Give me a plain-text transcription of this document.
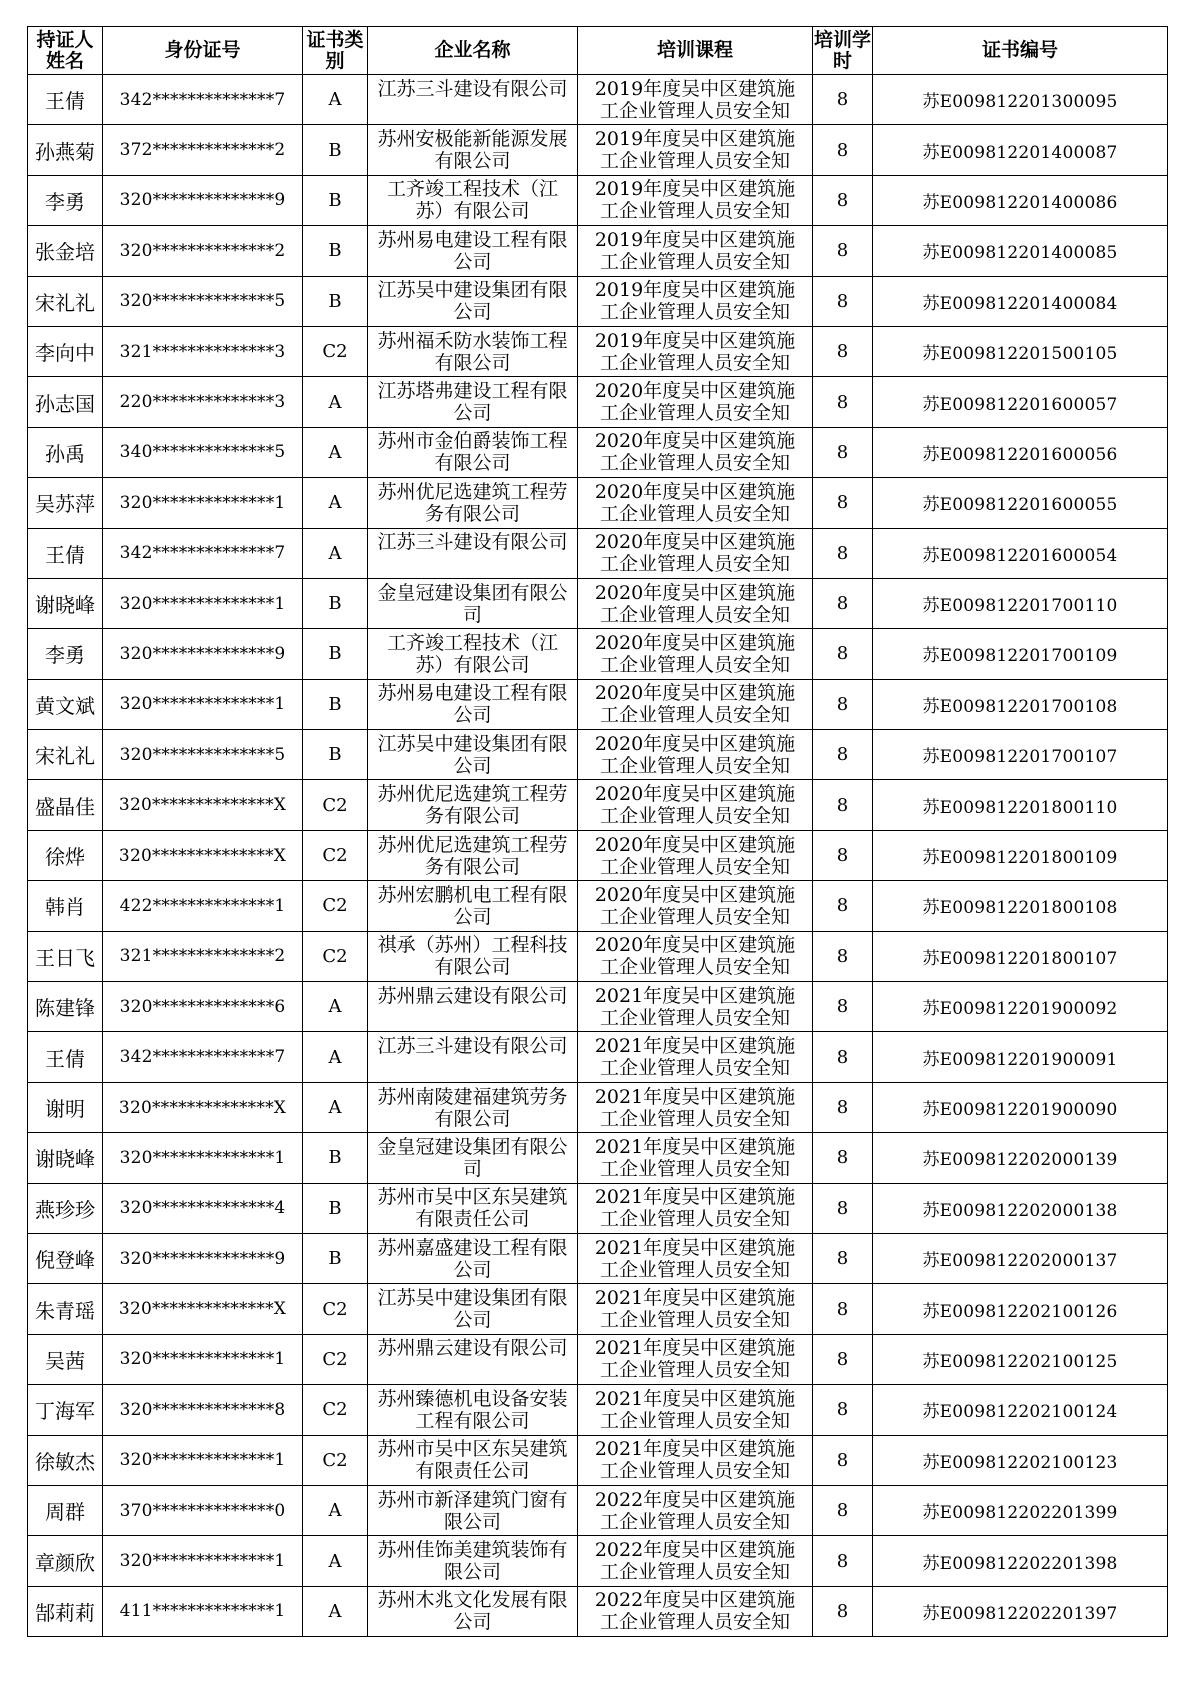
持证人姓名	身份证号	证书类别	企业名称	培训课程	培训学时	证书编号
王倩	342**************7	A	江苏三斗建设有限公司	2019年度吴中区建筑施工企业管理人员安全知	8	苏E009812201300095
孙燕菊	372**************2	B	苏州安极能新能源发展有限公司	2019年度吴中区建筑施工企业管理人员安全知	8	苏E009812201400087
李勇	320**************9	B	工齐竣工程技术（江苏）有限公司	2019年度吴中区建筑施工企业管理人员安全知	8	苏E009812201400086
张金培	320**************2	B	苏州易电建设工程有限公司	2019年度吴中区建筑施工企业管理人员安全知	8	苏E009812201400085
宋礼礼	320**************5	B	江苏吴中建设集团有限公司	2019年度吴中区建筑施工企业管理人员安全知	8	苏E009812201400084
李向中	321**************3	C2	苏州福禾防水装饰工程有限公司	2019年度吴中区建筑施工企业管理人员安全知	8	苏E009812201500105
孙志国	220**************3	A	江苏塔弗建设工程有限公司	2020年度吴中区建筑施工企业管理人员安全知	8	苏E009812201600057
孙禹	340**************5	A	苏州市金伯爵装饰工程有限公司	2020年度吴中区建筑施工企业管理人员安全知	8	苏E009812201600056
吴苏萍	320**************1	A	苏州优尼选建筑工程劳务有限公司	2020年度吴中区建筑施工企业管理人员安全知	8	苏E009812201600055
王倩	342**************7	A	江苏三斗建设有限公司	2020年度吴中区建筑施工企业管理人员安全知	8	苏E009812201600054
谢晓峰	320**************1	B	金皇冠建设集团有限公司	2020年度吴中区建筑施工企业管理人员安全知	8	苏E009812201700110
李勇	320**************9	B	工齐竣工程技术（江苏）有限公司	2020年度吴中区建筑施工企业管理人员安全知	8	苏E009812201700109
黄文斌	320**************1	B	苏州易电建设工程有限公司	2020年度吴中区建筑施工企业管理人员安全知	8	苏E009812201700108
宋礼礼	320**************5	B	江苏吴中建设集团有限公司	2020年度吴中区建筑施工企业管理人员安全知	8	苏E009812201700107
盛晶佳	320**************X	C2	苏州优尼选建筑工程劳务有限公司	2020年度吴中区建筑施工企业管理人员安全知	8	苏E009812201800110
徐烨	320**************X	C2	苏州优尼选建筑工程劳务有限公司	2020年度吴中区建筑施工企业管理人员安全知	8	苏E009812201800109
韩肖	422**************1	C2	苏州宏鹏机电工程有限公司	2020年度吴中区建筑施工企业管理人员安全知	8	苏E009812201800108
王日飞	321**************2	C2	祺承（苏州）工程科技有限公司	2020年度吴中区建筑施工企业管理人员安全知	8	苏E009812201800107
陈建锋	320**************6	A	苏州鼎云建设有限公司	2021年度吴中区建筑施工企业管理人员安全知	8	苏E009812201900092
王倩	342**************7	A	江苏三斗建设有限公司	2021年度吴中区建筑施工企业管理人员安全知	8	苏E009812201900091
谢明	320**************X	A	苏州南陵建福建筑劳务有限公司	2021年度吴中区建筑施工企业管理人员安全知	8	苏E009812201900090
谢晓峰	320**************1	B	金皇冠建设集团有限公司	2021年度吴中区建筑施工企业管理人员安全知	8	苏E009812202000139
燕珍珍	320**************4	B	苏州市吴中区东吴建筑有限责任公司	2021年度吴中区建筑施工企业管理人员安全知	8	苏E009812202000138
倪登峰	320**************9	B	苏州嘉盛建设工程有限公司	2021年度吴中区建筑施工企业管理人员安全知	8	苏E009812202000137
朱青瑶	320**************X	C2	江苏吴中建设集团有限公司	2021年度吴中区建筑施工企业管理人员安全知	8	苏E009812202100126
吴茜	320**************1	C2	苏州鼎云建设有限公司	2021年度吴中区建筑施工企业管理人员安全知	8	苏E009812202100125
丁海军	320**************8	C2	苏州臻德机电设备安装工程有限公司	2021年度吴中区建筑施工企业管理人员安全知	8	苏E009812202100124
徐敏杰	320**************1	C2	苏州市吴中区东吴建筑有限责任公司	2021年度吴中区建筑施工企业管理人员安全知	8	苏E009812202100123
周群	370**************0	A	苏州市新泽建筑门窗有限公司	2022年度吴中区建筑施工企业管理人员安全知	8	苏E009812202201399
章颜欣	320**************1	A	苏州佳饰美建筑装饰有限公司	2022年度吴中区建筑施工企业管理人员安全知	8	苏E009812202201398
郜莉莉	411**************1	A	苏州木兆文化发展有限公司	2022年度吴中区建筑施工企业管理人员安全知	8	苏E009812202201397
